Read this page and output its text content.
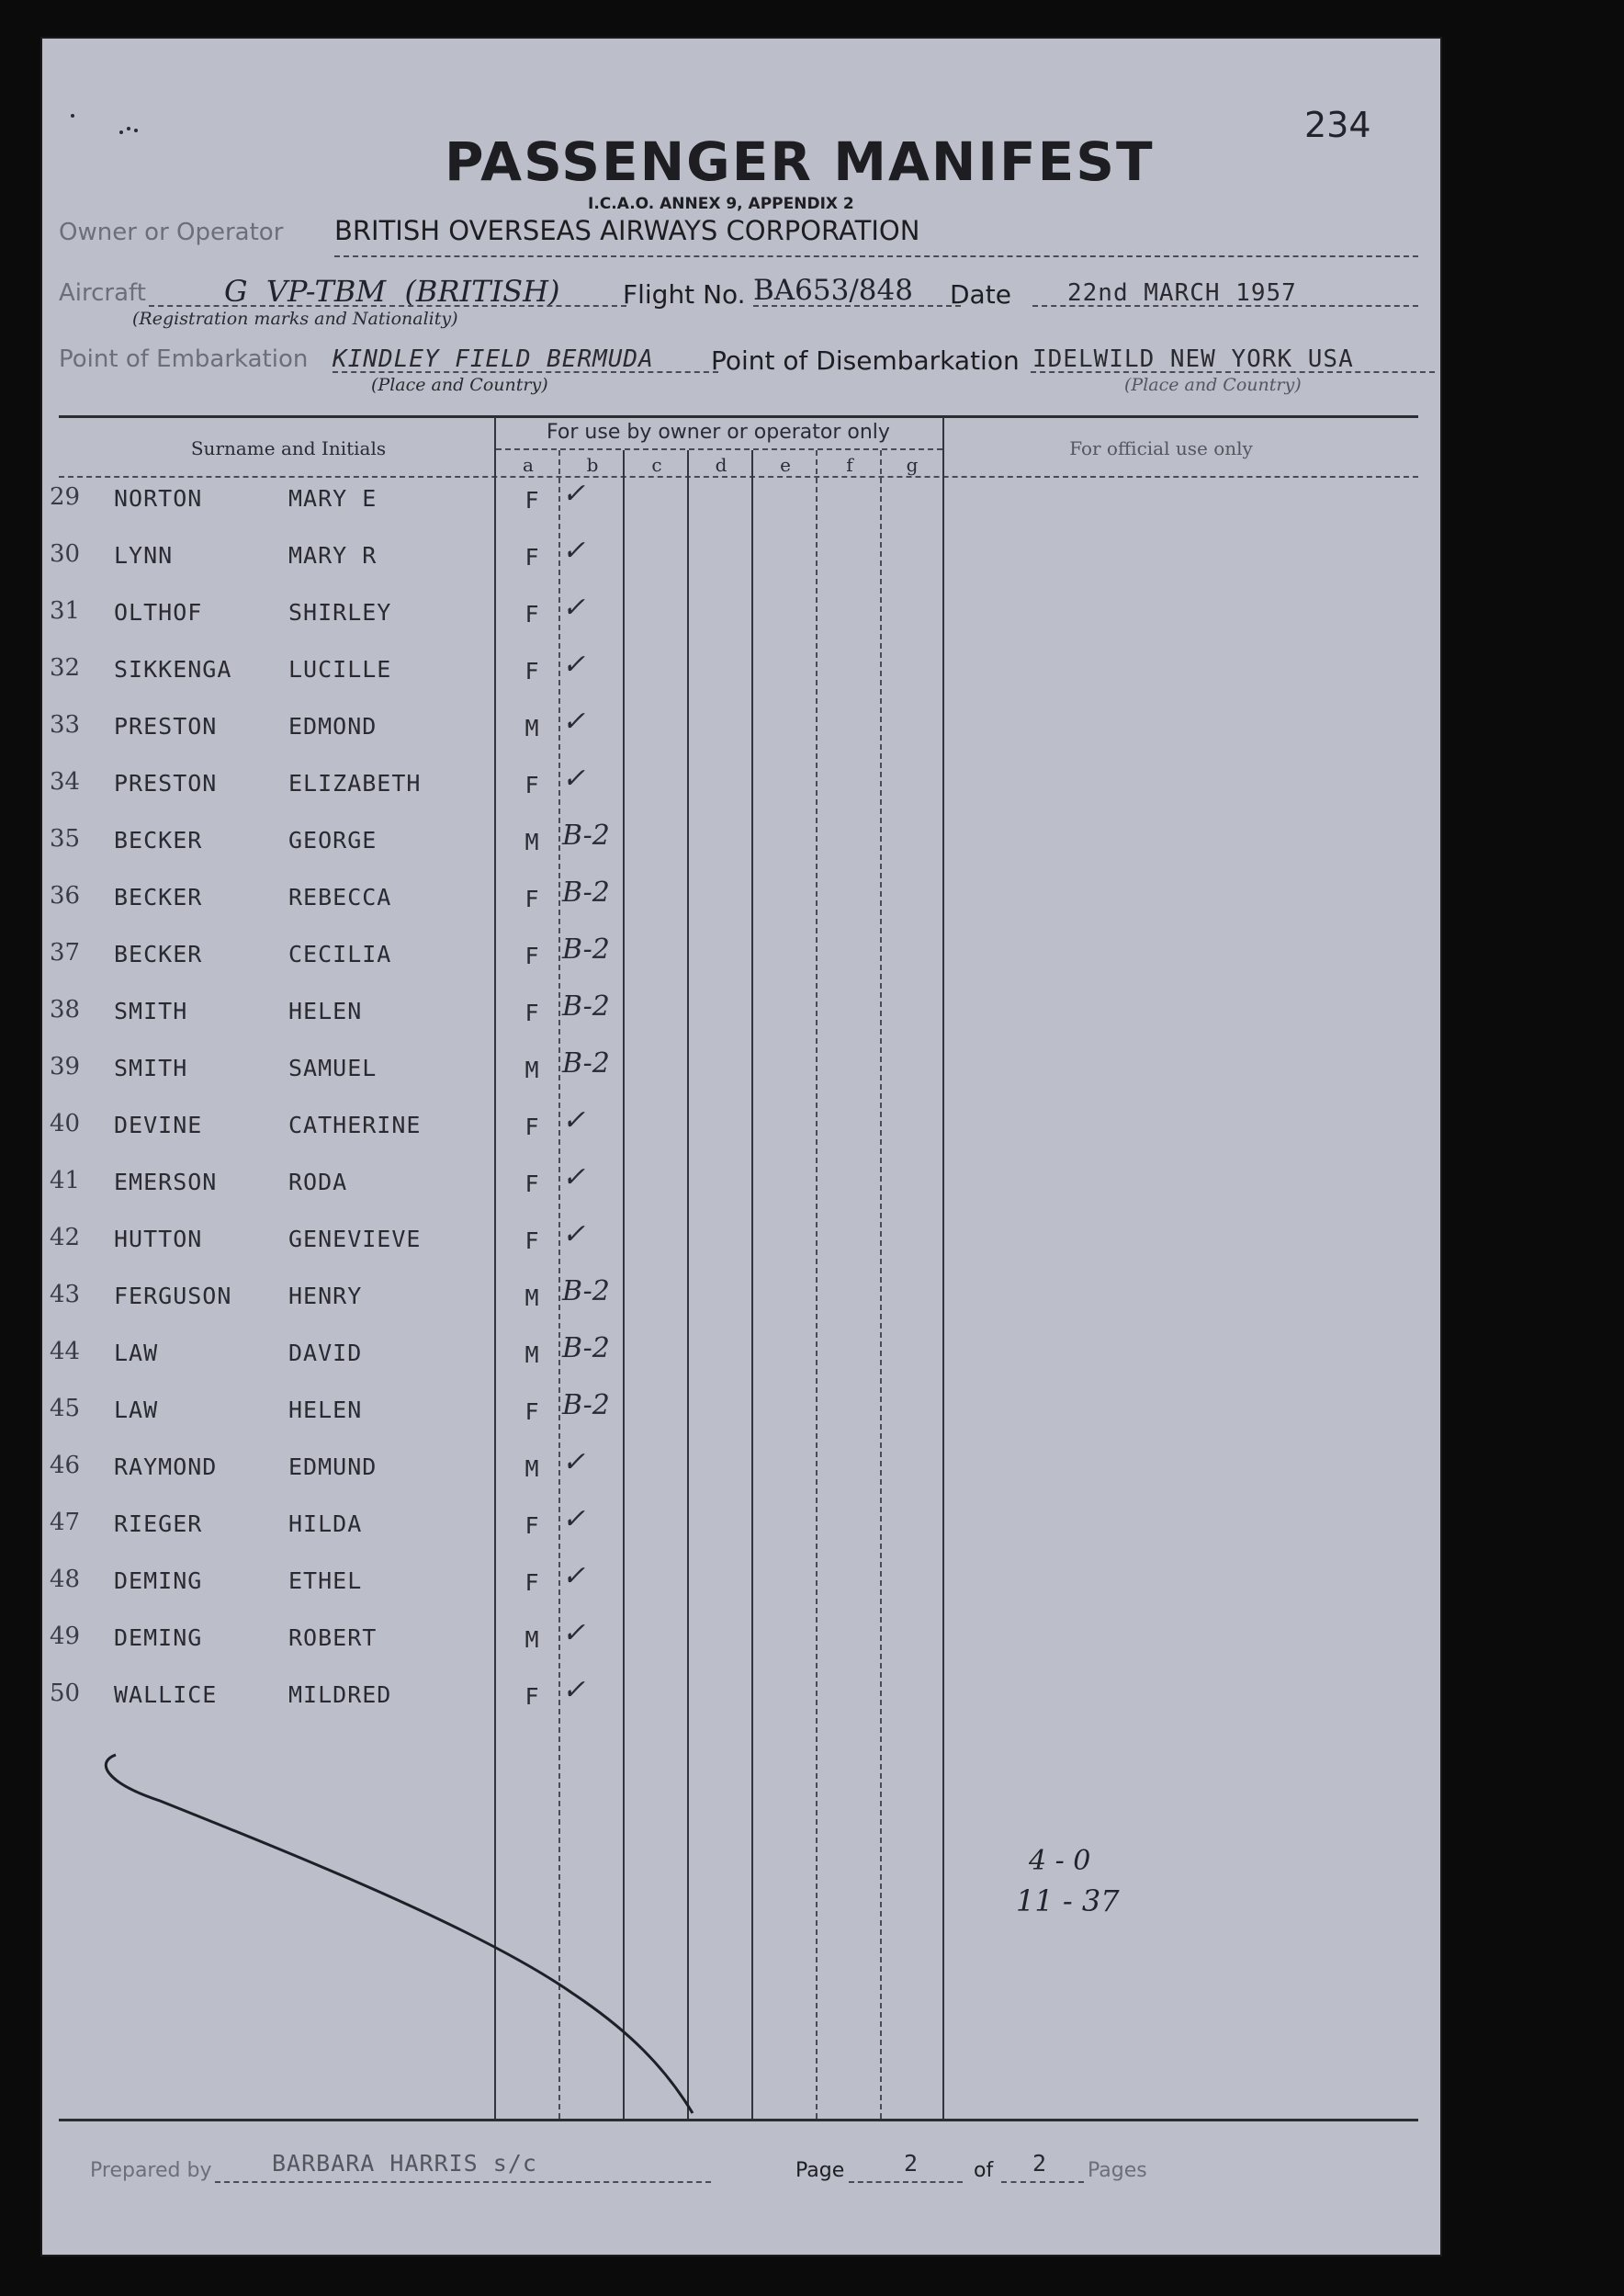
234
PASSENGER MANIFEST
I.C.A.O. ANNEX 9, APPENDIX 2
Owner or Operator BRITISH OVERSEAS AIRWAYS CORPORATION
Aircraft	G  VP-TBM  (BRITISH)
(Registration marks and Nationality)
Flight No. BA653/848 Date 22nd MARCH 1957
Point of Embarkation KINDLEY FIELD BERMUDA
(Place and Country)
Point of Disembarkation IDELWILD NEW YORK USA
(Place and Country)
Surname and Initials
For use by owner or operator only
For official use only
a	b	c	d	e	f	g
29	NORTON	MARY E	F ✓
30	LYNN	MARY R	F ✓
31	OLTHOF	SHIRLEY	F ✓
32	SIKKENGA	LUCILLE	F ✓
33	PRESTON	EDMOND	M ✓
34	PRESTON	ELIZABETH	F ✓
35	BECKER	GEORGE	M B-2
36	BECKER	REBECCA	F B-2
37	BECKER	CECILIA	F B-2
38	SMITH	HELEN	F B-2
39	SMITH	SAMUEL	M B-2
40	DEVINE	CATHERINE	F ✓
41	EMERSON	RODA	F ✓
42	HUTTON	GENEVIEVE	F ✓
43	FERGUSON	HENRY	M B-2
44	LAW	DAVID	M B-2
45	LAW	HELEN	F B-2
46	RAYMOND	EDMUND	M ✓
47	RIEGER	HILDA	F ✓
48	DEMING	ETHEL	F ✓
49	DEMING	ROBERT	M ✓
50	WALLICE	MILDRED	F ✓
4 - 0
11 - 37
Prepared by	BARBARA HARRIS s/c	Page	2	of 2 Pages
